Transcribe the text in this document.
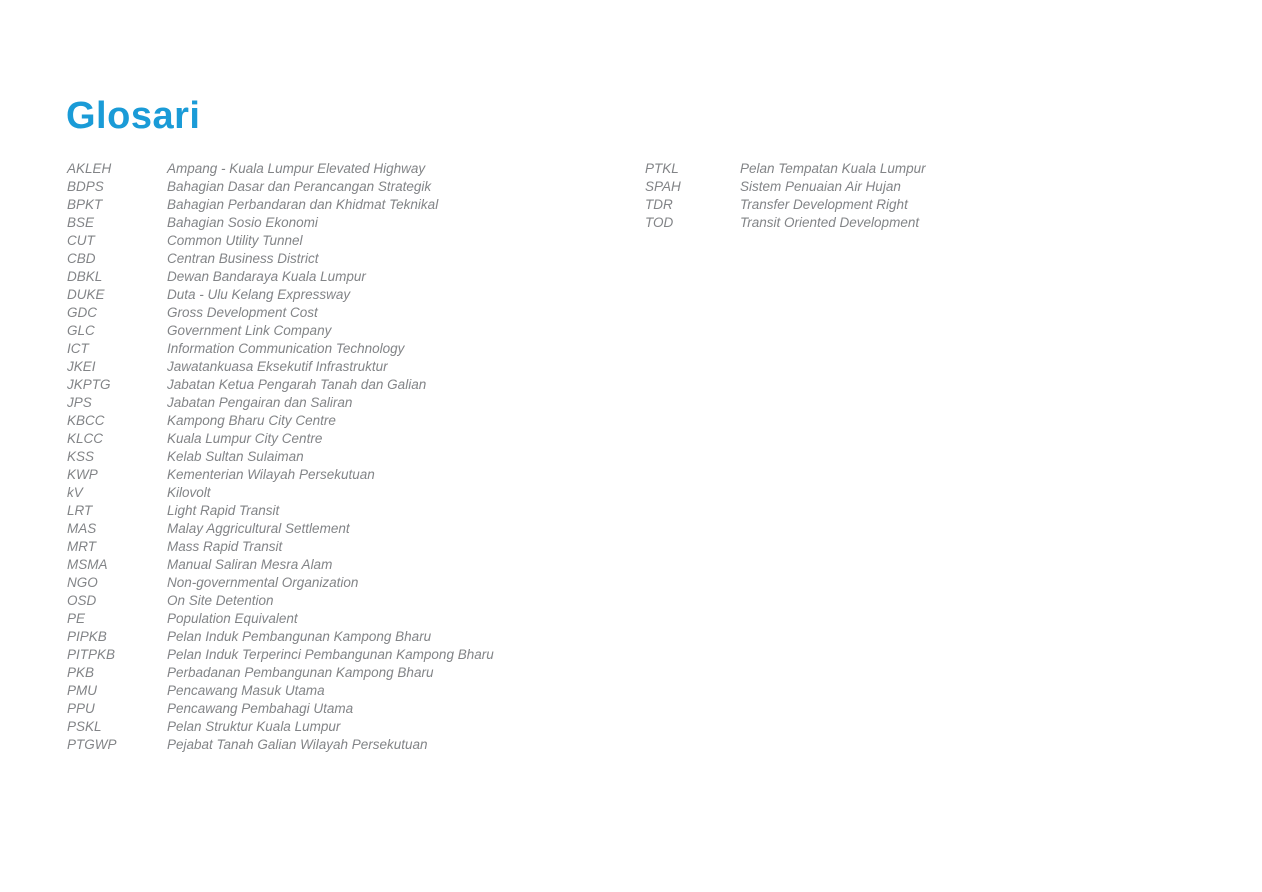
Glosari
AKLEH	Ampang - Kuala Lumpur Elevated Highway
BDPS	Bahagian Dasar dan Perancangan Strategik
BPKT	Bahagian Perbandaran dan Khidmat Teknikal
BSE	Bahagian Sosio Ekonomi
CUT	Common Utility Tunnel
CBD	Centran Business District
DBKL	Dewan Bandaraya Kuala Lumpur
DUKE	Duta - Ulu Kelang Expressway
GDC	Gross Development Cost
GLC	Government Link Company
ICT	Information Communication Technology
JKEI	Jawatankuasa Eksekutif Infrastruktur
JKPTG	Jabatan Ketua Pengarah Tanah dan Galian
JPS	Jabatan Pengairan dan Saliran
KBCC	Kampong Bharu City Centre
KLCC	Kuala Lumpur City Centre
KSS	Kelab Sultan Sulaiman
KWP	Kementerian Wilayah Persekutuan
kV	Kilovolt
LRT	Light Rapid Transit
MAS	Malay Aggricultural Settlement
MRT	Mass Rapid Transit
MSMA	Manual Saliran Mesra Alam
NGO	Non-governmental Organization
OSD	On Site Detention
PE	Population Equivalent
PIPKB	Pelan Induk Pembangunan Kampong Bharu
PITPKB	Pelan Induk Terperinci Pembangunan Kampong Bharu
PKB	Perbadanan Pembangunan Kampong Bharu
PMU	Pencawang Masuk Utama
PPU	Pencawang Pembahagi Utama
PSKL	Pelan Struktur Kuala Lumpur
PTGWP	Pejabat Tanah Galian Wilayah Persekutuan
PTKL	Pelan Tempatan Kuala Lumpur
SPAH	Sistem Penuaian Air Hujan
TDR	Transfer Development Right
TOD	Transit Oriented Development
